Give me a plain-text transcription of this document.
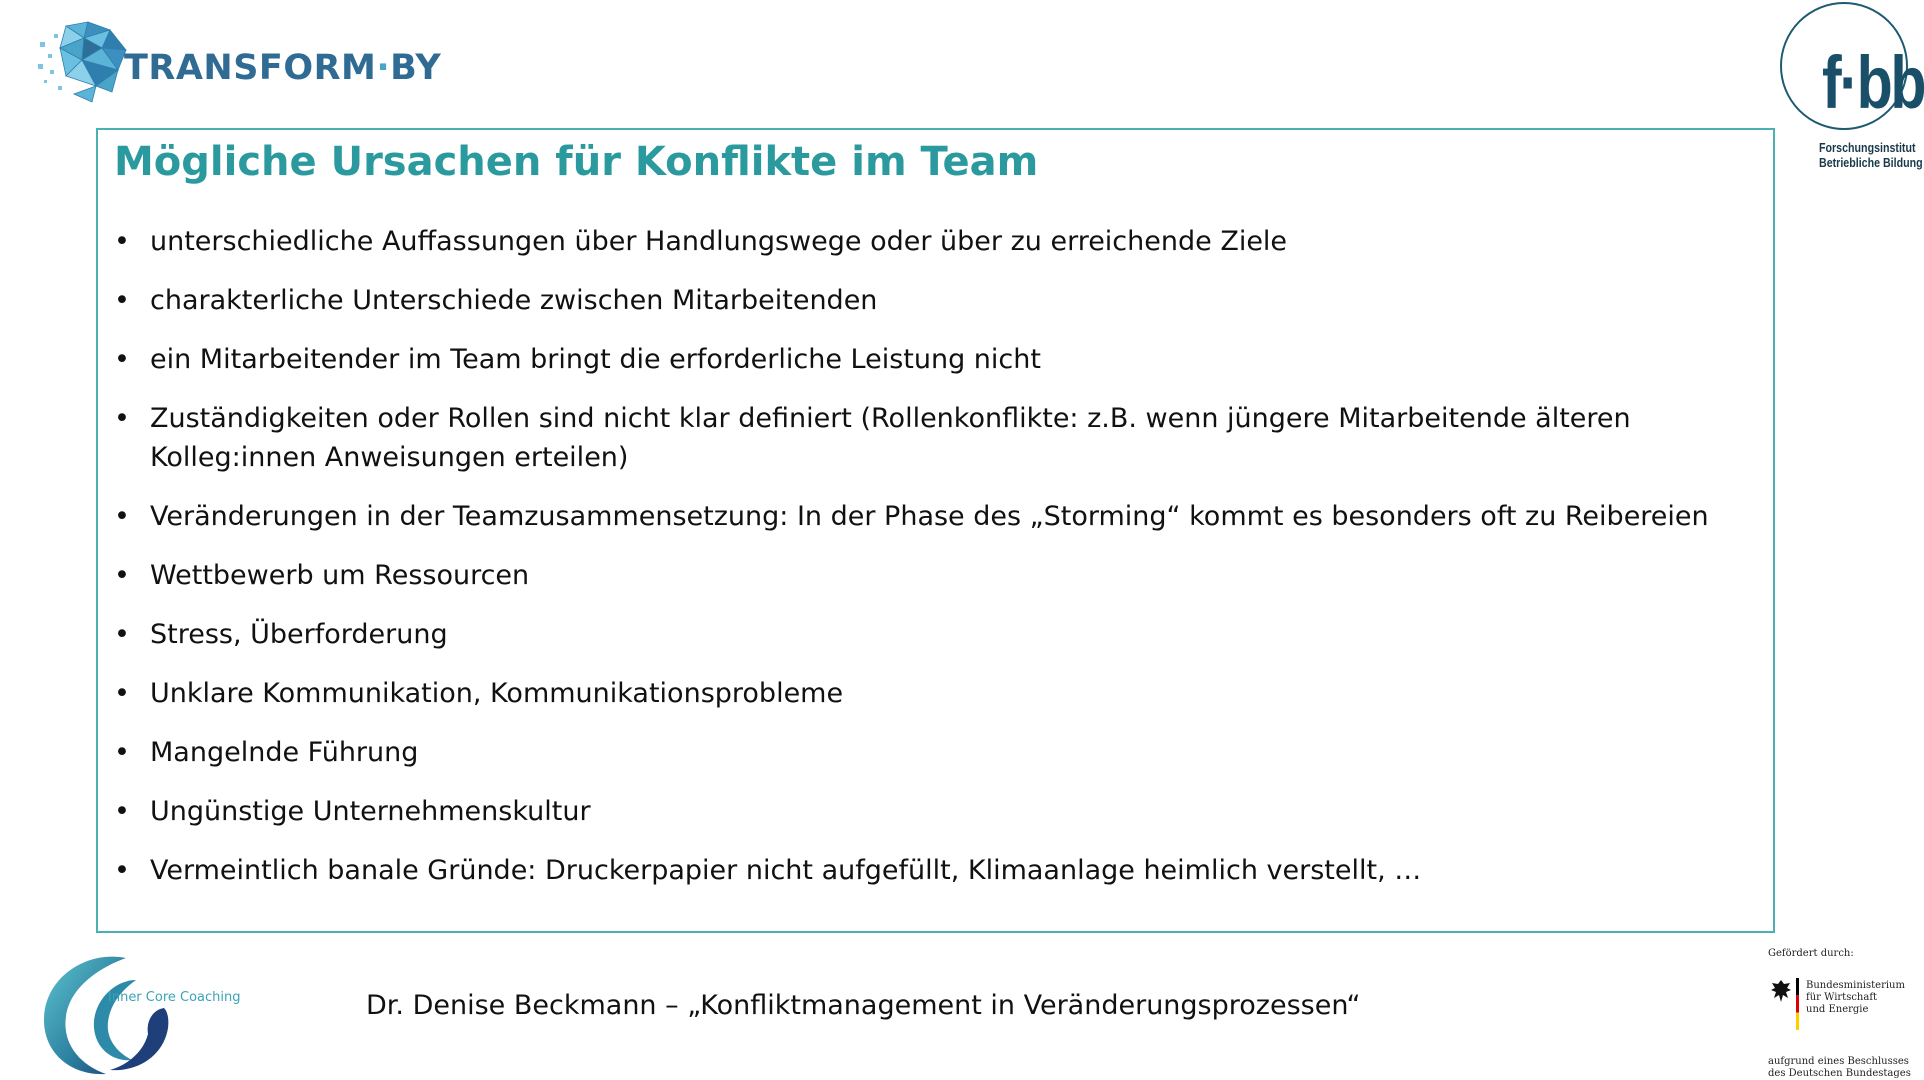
TRANSFORM·BY	f·bb
Forschungsinstitut
Betriebliche Bildung
Mögliche Ursachen für Konflikte im Team
• unterschiedliche Auffassungen über Handlungswege oder über zu erreichende Ziele
• charakterliche Unterschiede zwischen Mitarbeitenden
• ein Mitarbeitender im Team bringt die erforderliche Leistung nicht
• Zuständigkeiten oder Rollen sind nicht klar definiert (Rollenkonflikte: z.B. wenn jüngere Mitarbeitende älteren Kolleg:innen Anweisungen erteilen)
• Veränderungen in der Teamzusammensetzung: In der Phase des „Storming“ kommt es besonders oft zu Reibereien
• Wettbewerb um Ressourcen
• Stress, Überforderung
• Unklare Kommunikation, Kommunikationsprobleme
• Mangelnde Führung
• Ungünstige Unternehmenskultur
• Vermeintlich banale Gründe: Druckerpapier nicht aufgefüllt, Klimaanlage heimlich verstellt, …
Inner Core Coaching	Dr. Denise Beckmann – „Konfliktmanagement in Veränderungsprozessen“
Gefördert durch:
Bundesministerium
für Wirtschaft
und Energie
aufgrund eines Beschlusses
des Deutschen Bundestages
